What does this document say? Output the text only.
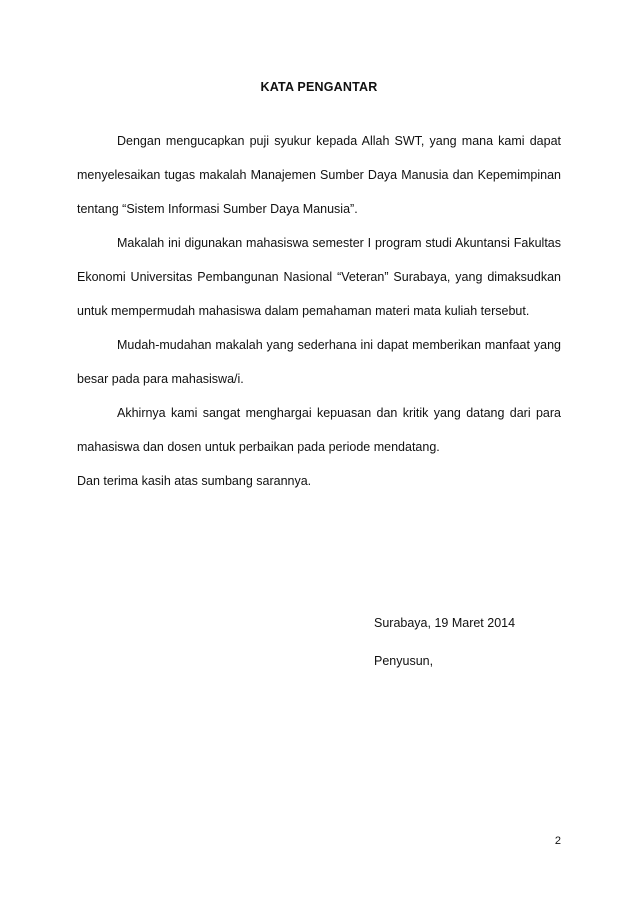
KATA PENGANTAR

Dengan mengucapkan puji syukur kepada Allah SWT, yang mana kami dapat menyelesaikan tugas makalah Manajemen Sumber Daya Manusia dan Kepemimpinan tentang “Sistem Informasi Sumber Daya Manusia”.

Makalah ini digunakan mahasiswa semester I program studi Akuntansi Fakultas Ekonomi Universitas Pembangunan Nasional “Veteran” Surabaya, yang dimaksudkan untuk mempermudah mahasiswa dalam pemahaman materi mata kuliah tersebut.

Mudah-mudahan makalah yang sederhana ini dapat memberikan manfaat yang besar pada para mahasiswa/i.

Akhirnya kami sangat menghargai kepuasan dan kritik yang datang dari para mahasiswa dan dosen untuk perbaikan pada periode mendatang.

Dan terima kasih atas sumbang sarannya.

Surabaya, 19 Maret 2014
Penyusun,
2
